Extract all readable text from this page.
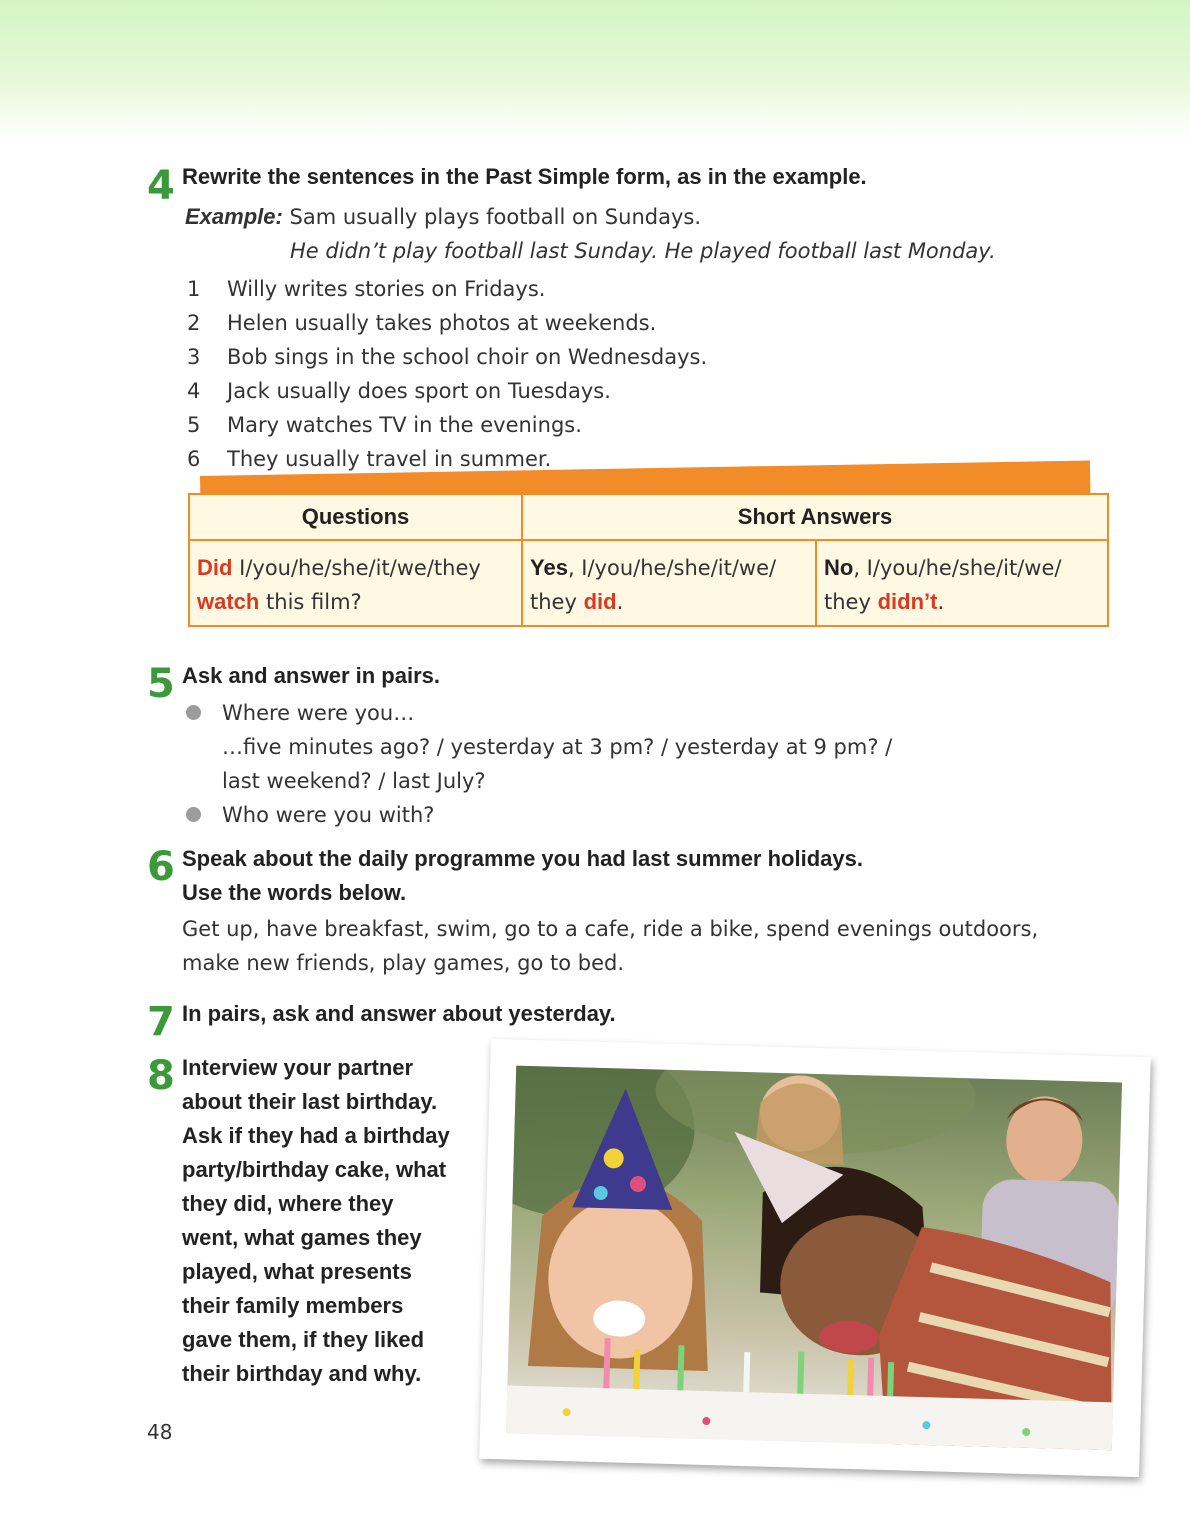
4 Rewrite the sentences in the Past Simple form, as in the example.
Example: Sam usually plays football on Sundays.
He didn’t play football last Sunday. He played football last Monday.
1 Willy writes stories on Fridays.
2 Helen usually takes photos at weekends.
3 Bob sings in the school choir on Wednesdays.
4 Jack usually does sport on Tuesdays.
5 Mary watches TV in the evenings.
6 They usually travel in summer.
Questions	Short Answers
Did I/you/he/she/it/we/they
watch this film?
Yes, I/you/he/she/it/we/
they did.
No, I/you/he/she/it/we/
they didn’t.
5 Ask and answer in pairs.
Where were you…
…five minutes ago? / yesterday at 3 pm? / yesterday at 9 pm? /
last weekend? / last July?
Who were you with?
6 Speak about the daily programme you had last summer holidays.
Use the words below.
Get up, have breakfast, swim, go to a cafe, ride a bike, spend evenings outdoors,
make new friends, play games, go to bed.
7 In pairs, ask and answer about yesterday.
8 Interview your partner
about their last birthday.
Ask if they had a birthday
party/birthday cake, what
they did, where they
went, what games they
played, what presents
their family members
gave them, if they liked
their birthday and why.
48
